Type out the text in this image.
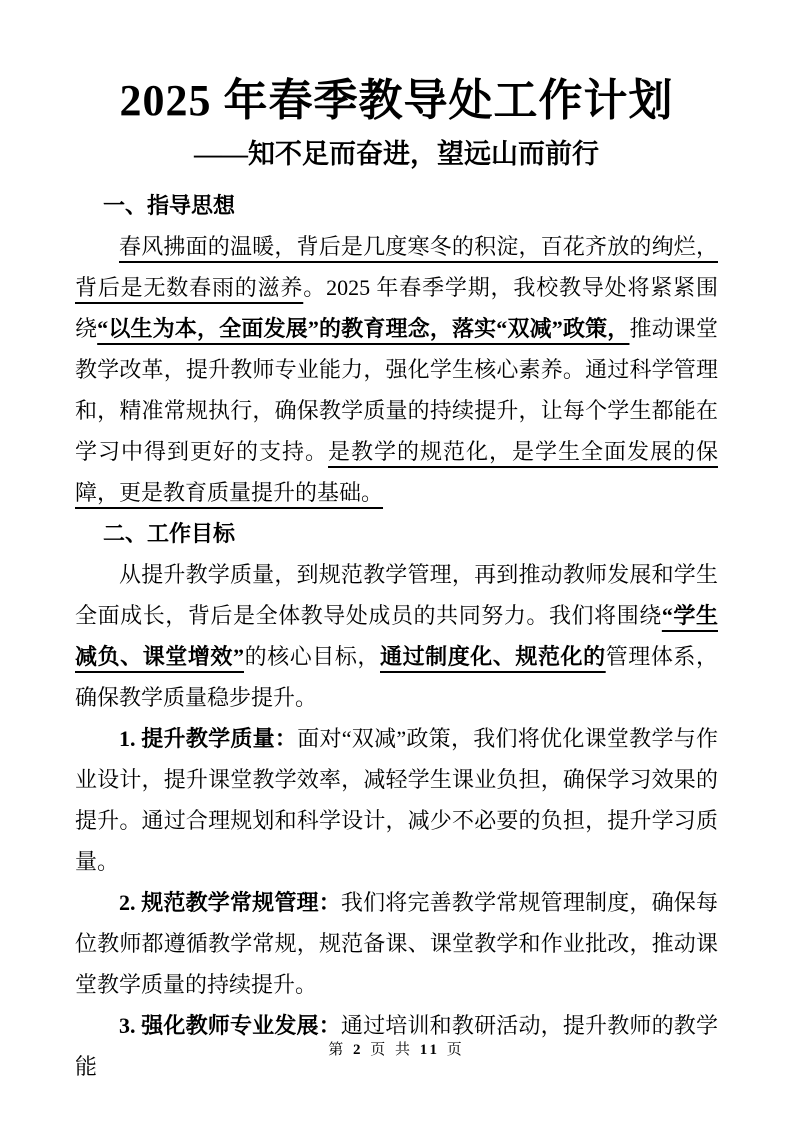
2025 年春季教导处工作计划
——知不足而奋进，望远山而前行
一、指导思想

春风拂面的温暖，背后是几度寒冬的积淀，百花齐放的绚烂，背后是无数春雨的滋养。2025 年春季学期，我校教导处将紧紧围绕“以生为本，全面发展”的教育理念，落实“双减”政策，推动课堂教学改革，提升教师专业能力，强化学生核心素养。通过科学管理和，精准常规执行，确保教学质量的持续提升，让每个学生都能在学习中得到更好的支持。是教学的规范化，是学生全面发展的保障，更是教育质量提升的基础。

二、工作目标

从提升教学质量，到规范教学管理，再到推动教师发展和学生全面成长，背后是全体教导处成员的共同努力。我们将围绕“学生减负、课堂增效”的核心目标，通过制度化、规范化的管理体系，确保教学质量稳步提升。

1. 提升教学质量：面对“双减”政策，我们将优化课堂教学与作业设计，提升课堂教学效率，减轻学生课业负担，确保学习效果的提升。通过合理规划和科学设计，减少不必要的负担，提升学习质量。

2. 规范教学常规管理：我们将完善教学常规管理制度，确保每位教师都遵循教学常规，规范备课、课堂教学和作业批改，推动课堂教学质量的持续提升。

3. 强化教师专业发展：通过培训和教研活动，提升教师的教学能

第 2 页 共 11 页
